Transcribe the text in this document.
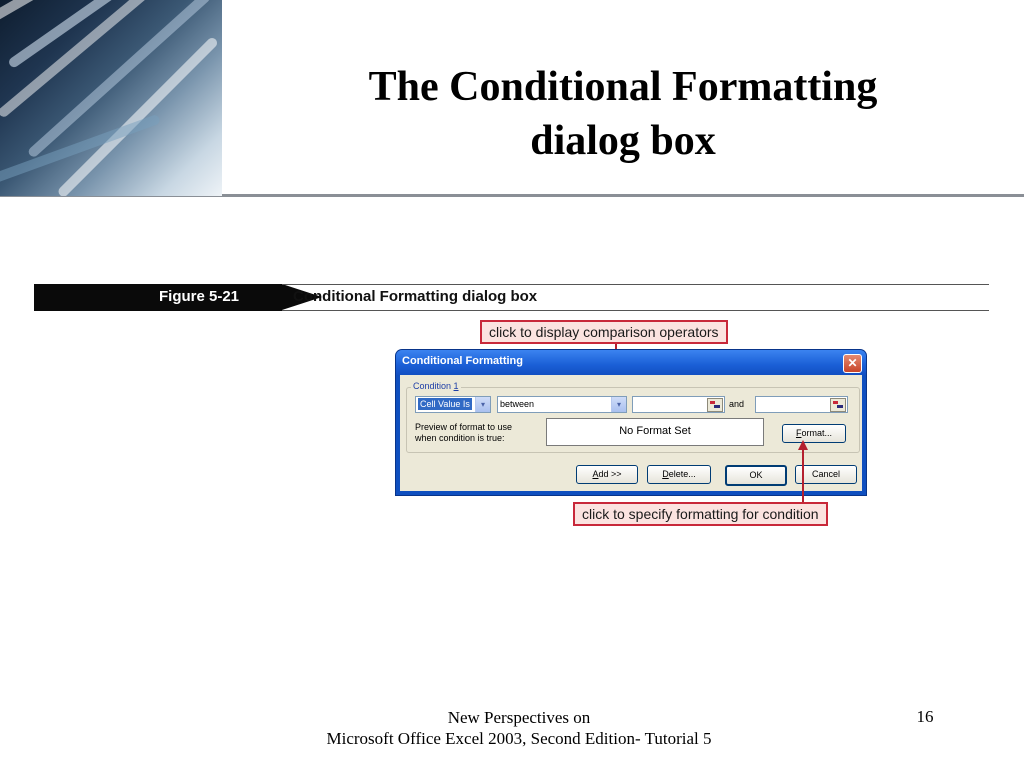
The Conditional Formatting
dialog box
Figure 5-21	Conditional Formatting dialog box
click to display comparison operators
Conditional Formatting	✕
Condition 1
Cell Value Is	▾	between	▾	and
Preview of format to use
when condition is true:
No Format Set	Format...
Add >>	Delete...	OK	Cancel
click to specify formatting for condition
New Perspectives on
Microsoft Office Excel 2003, Second Edition- Tutorial 5
16
